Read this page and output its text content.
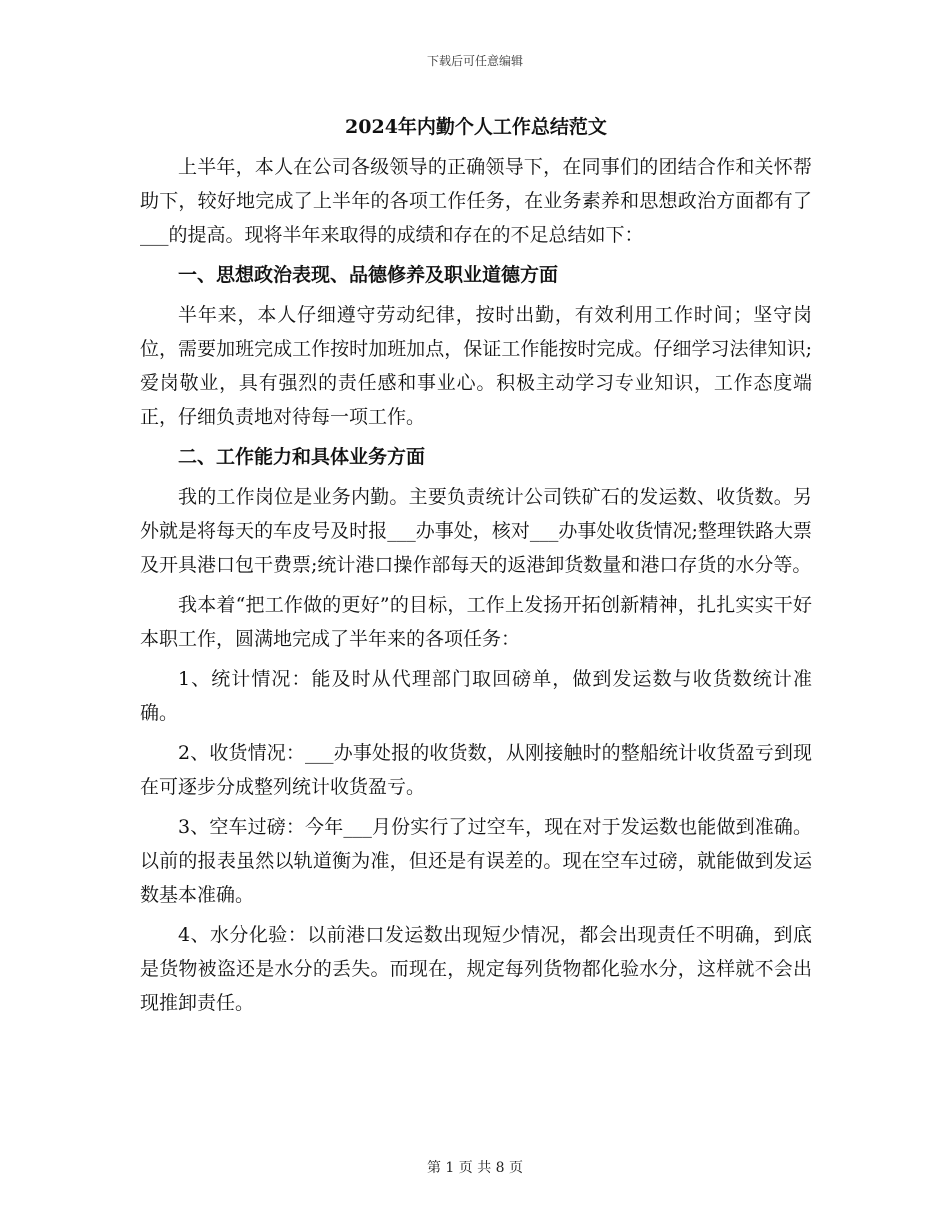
下载后可任意编辑
2024年内勤个人工作总结范文

上半年，本人在公司各级领导的正确领导下，在同事们的团结合作和关怀帮助下，较好地完成了上半年的各项工作任务，在业务素养和思想政治方面都有了___的提高。现将半年来取得的成绩和存在的不足总结如下：

一、思想政治表现、品德修养及职业道德方面

半年来，本人仔细遵守劳动纪律，按时出勤，有效利用工作时间；坚守岗位，需要加班完成工作按时加班加点，保证工作能按时完成。仔细学习法律知识;爱岗敬业，具有强烈的责任感和事业心。积极主动学习专业知识，工作态度端正，仔细负责地对待每一项工作。

二、工作能力和具体业务方面

我的工作岗位是业务内勤。主要负责统计公司铁矿石的发运数、收货数。另外就是将每天的车皮号及时报___办事处，核对___办事处收货情况;整理铁路大票及开具港口包干费票;统计港口操作部每天的返港卸货数量和港口存货的水分等。

我本着“把工作做的更好”的目标，工作上发扬开拓创新精神，扎扎实实干好本职工作，圆满地完成了半年来的各项任务：

1、统计情况：能及时从代理部门取回磅单，做到发运数与收货数统计准确。

2、收货情况：___办事处报的收货数，从刚接触时的整船统计收货盈亏到现在可逐步分成整列统计收货盈亏。

3、空车过磅：今年___月份实行了过空车，现在对于发运数也能做到准确。以前的报表虽然以轨道衡为准，但还是有误差的。现在空车过磅，就能做到发运数基本准确。

4、水分化验：以前港口发运数出现短少情况，都会出现责任不明确，到底是货物被盗还是水分的丢失。而现在，规定每列货物都化验水分，这样就不会出现推卸责任。

第 1 页 共 8 页
